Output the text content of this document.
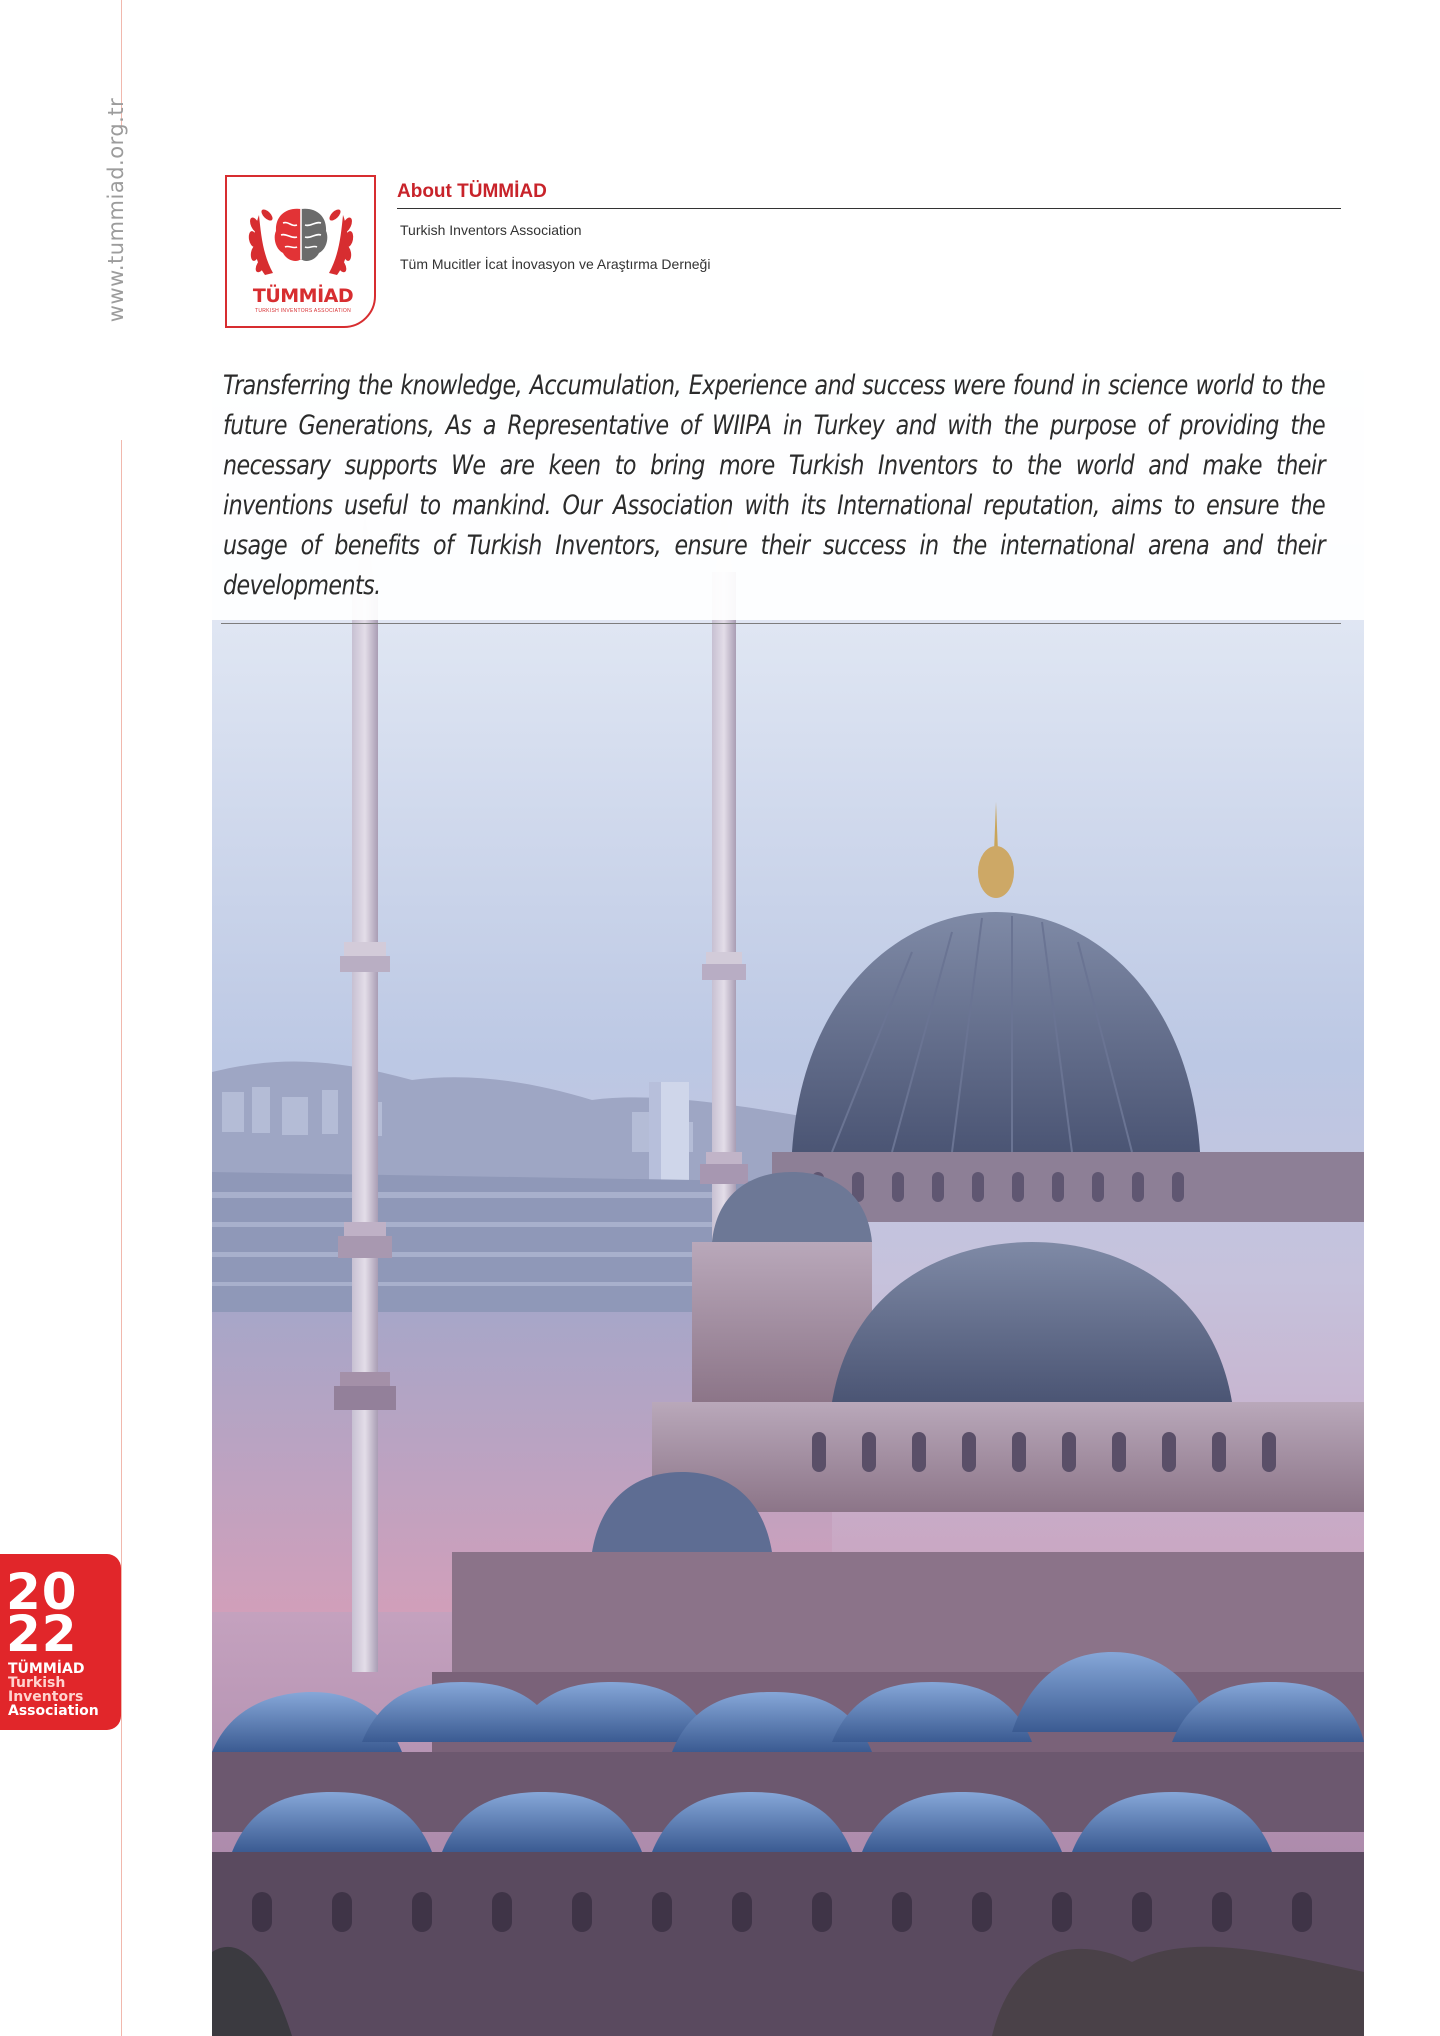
www.tummiad.org.tr
20
22
TÜMMİAD
Turkish
Inventors
Association
TÜMMİAD
TURKISH INVENTORS ASSOCIATION
About TÜMMİAD
Turkish Inventors Association
Tüm Mucitler İcat İnovasyon ve Araştırma Derneği
Transferring the knowledge, Accumulation, Experience and success were found in science world to the future Generations, As a Representative of WIIPA in Turkey and with the purpose of providing the necessary supports We are keen to bring more Turkish Inventors to the world and make their inventions useful to mankind. Our Association with its International reputation, aims to ensure the usage of benefits of Turkish Inventors, ensure their success in the international arena and their developments.
